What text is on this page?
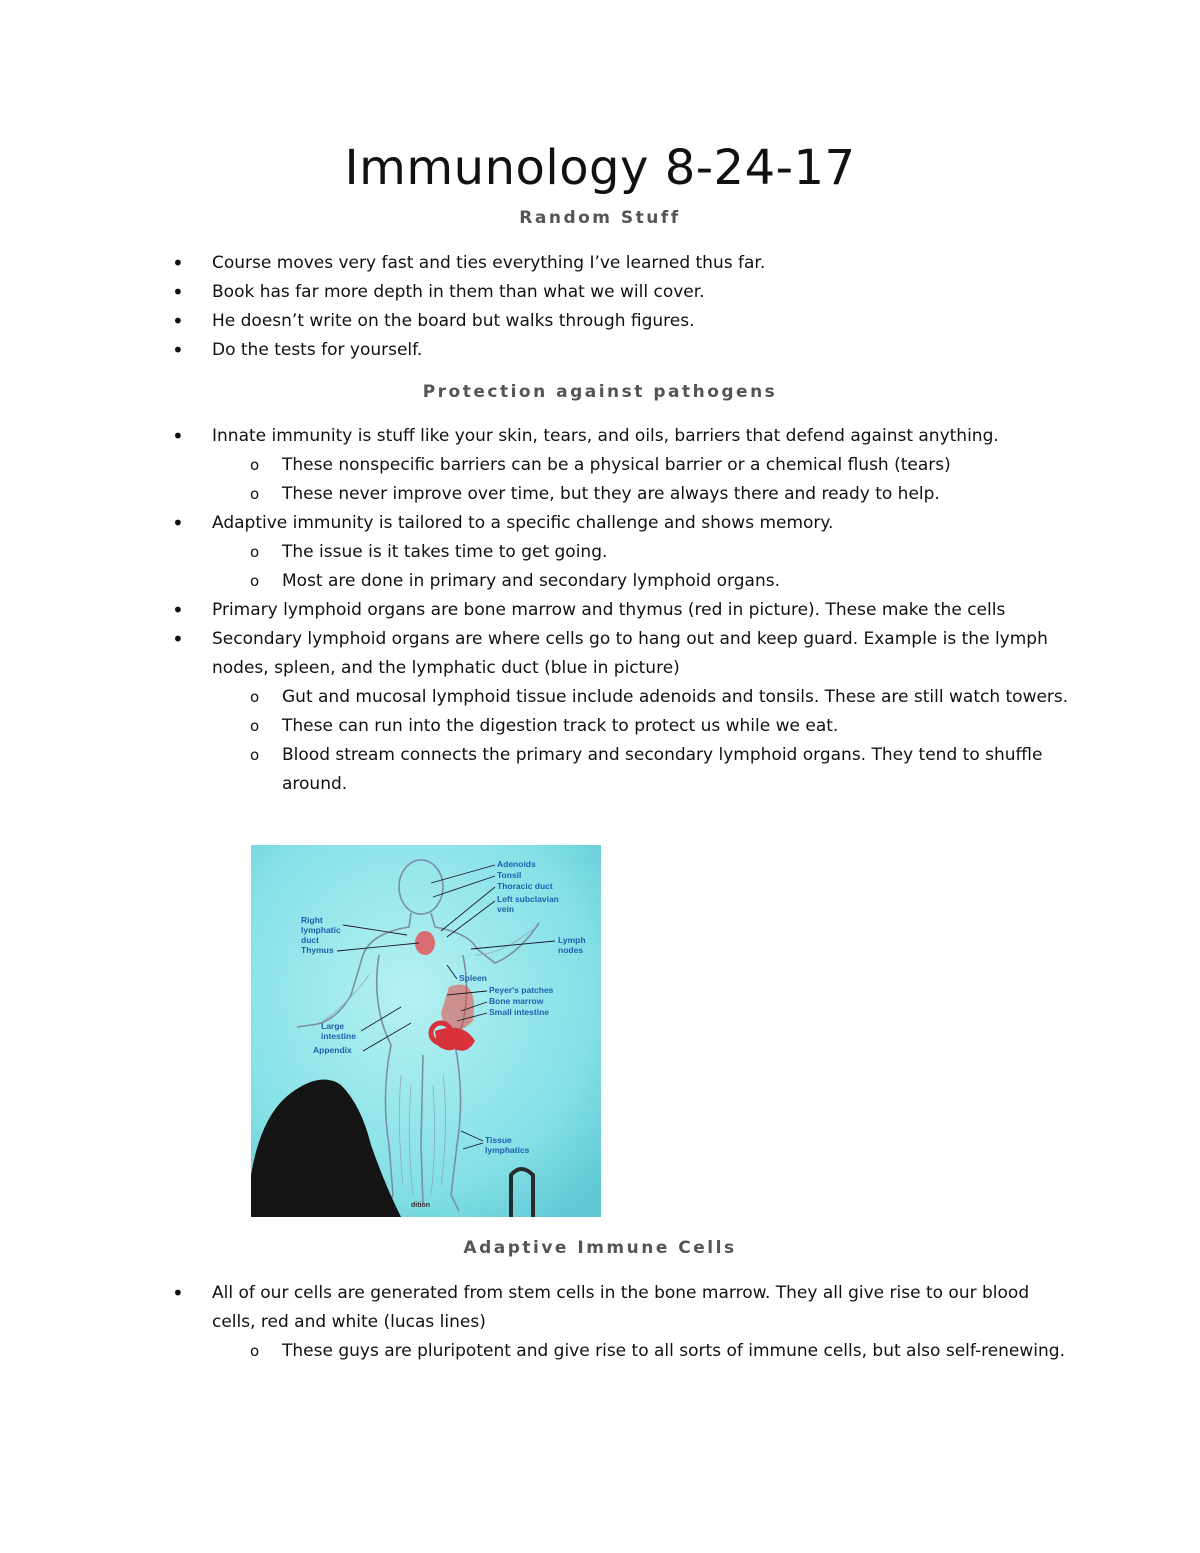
Immunology 8-24-17
Random Stuff
• Course moves very fast and ties everything I’ve learned thus far.
• Book has far more depth in them than what we will cover.
• He doesn’t write on the board but walks through figures.
• Do the tests for yourself.
Protection against pathogens
• Innate immunity is stuff like your skin, tears, and oils, barriers that defend against anything.
o These nonspecific barriers can be a physical barrier or a chemical flush (tears)
o These never improve over time, but they are always there and ready to help.
• Adaptive immunity is tailored to a specific challenge and shows memory.
o The issue is it takes time to get going.
o Most are done in primary and secondary lymphoid organs.
• Primary lymphoid organs are bone marrow and thymus (red in picture). These make the cells
• Secondary lymphoid organs are where cells go to hang out and keep guard. Example is the lymph nodes, spleen, and the lymphatic duct (blue in picture)
o Gut and mucosal lymphoid tissue include adenoids and tonsils. These are still watch towers.
o These can run into the digestion track to protect us while we eat.
o Blood stream connects the primary and secondary lymphoid organs. They tend to shuffle around.
Adenoids
Tonsil
Thoracic duct
Left subclavian
vein
Right
lymphatic
duct
Thymus
Lymph
nodes
Spleen
Peyer's patches
Bone marrow
Small intestine
Large
intestine
Appendix
Tissue
lymphatics
dition
Adaptive Immune Cells
• All of our cells are generated from stem cells in the bone marrow. They all give rise to our blood cells, red and white (lucas lines)
o These guys are pluripotent and give rise to all sorts of immune cells, but also self-renewing.
